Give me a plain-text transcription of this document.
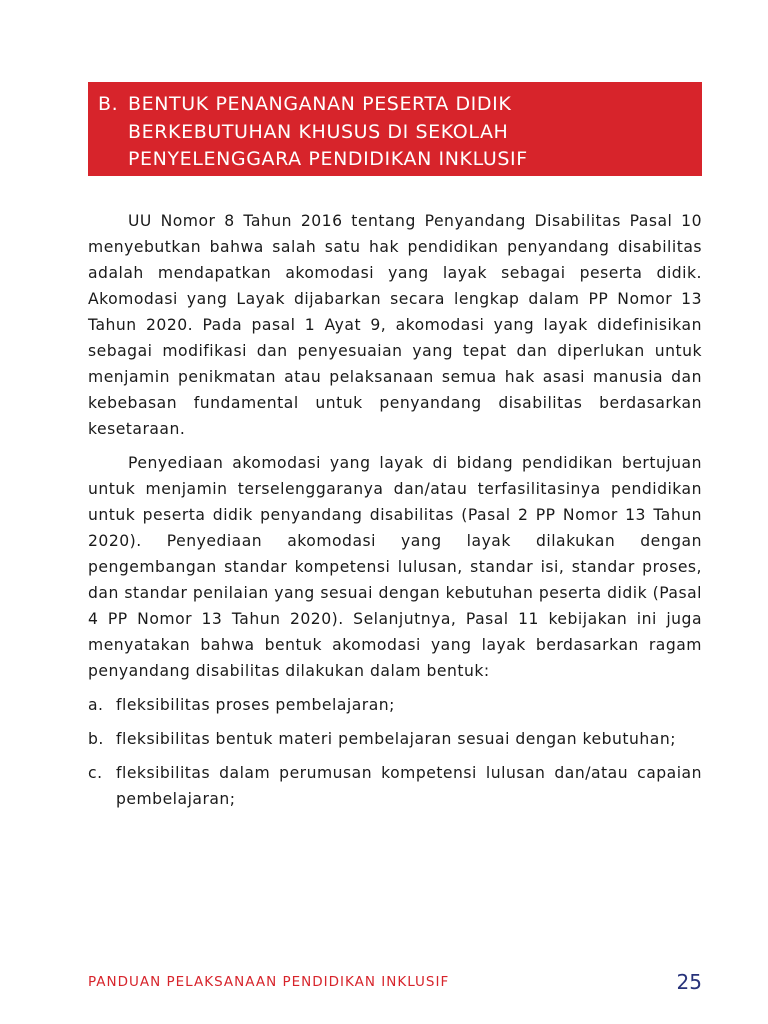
B. BENTUK PENANGANAN PESERTA DIDIK
BERKEBUTUHAN KHUSUS DI SEKOLAH
PENYELENGGARA PENDIDIKAN INKLUSIF

UU Nomor 8 Tahun 2016 tentang Penyandang Disabilitas Pasal 10 menyebutkan bahwa salah satu hak pendidikan penyandang disabilitas adalah mendapatkan akomodasi yang layak sebagai peserta didik. Akomodasi yang Layak dijabarkan secara lengkap dalam PP Nomor 13 Tahun 2020. Pada pasal 1 Ayat 9, akomodasi yang layak didefinisikan sebagai modifikasi dan penyesuaian yang tepat dan diperlukan untuk menjamin penikmatan atau pelaksanaan semua hak asasi manusia dan kebebasan fundamental untuk penyandang disabilitas berdasarkan kesetaraan.

Penyediaan akomodasi yang layak di bidang pendidikan bertujuan untuk menjamin terselenggaranya dan/atau terfasilitasinya pendidikan untuk peserta didik penyandang disabilitas (Pasal 2 PP Nomor 13 Tahun 2020). Penyediaan akomodasi yang layak dilakukan dengan pengembangan standar kompetensi lulusan, standar isi, standar proses, dan standar penilaian yang sesuai dengan kebutuhan peserta didik (Pasal 4 PP Nomor 13 Tahun 2020). Selanjutnya, Pasal 11 kebijakan ini juga menyatakan bahwa bentuk akomodasi yang layak berdasarkan ragam penyandang disabilitas dilakukan dalam bentuk:

a. fleksibilitas proses pembelajaran;
b. fleksibilitas bentuk materi pembelajaran sesuai dengan kebutuhan;
c. fleksibilitas dalam perumusan kompetensi lulusan dan/atau capaian pembelajaran;
PANDUAN PELAKSANAAN PENDIDIKAN INKLUSIF	25
